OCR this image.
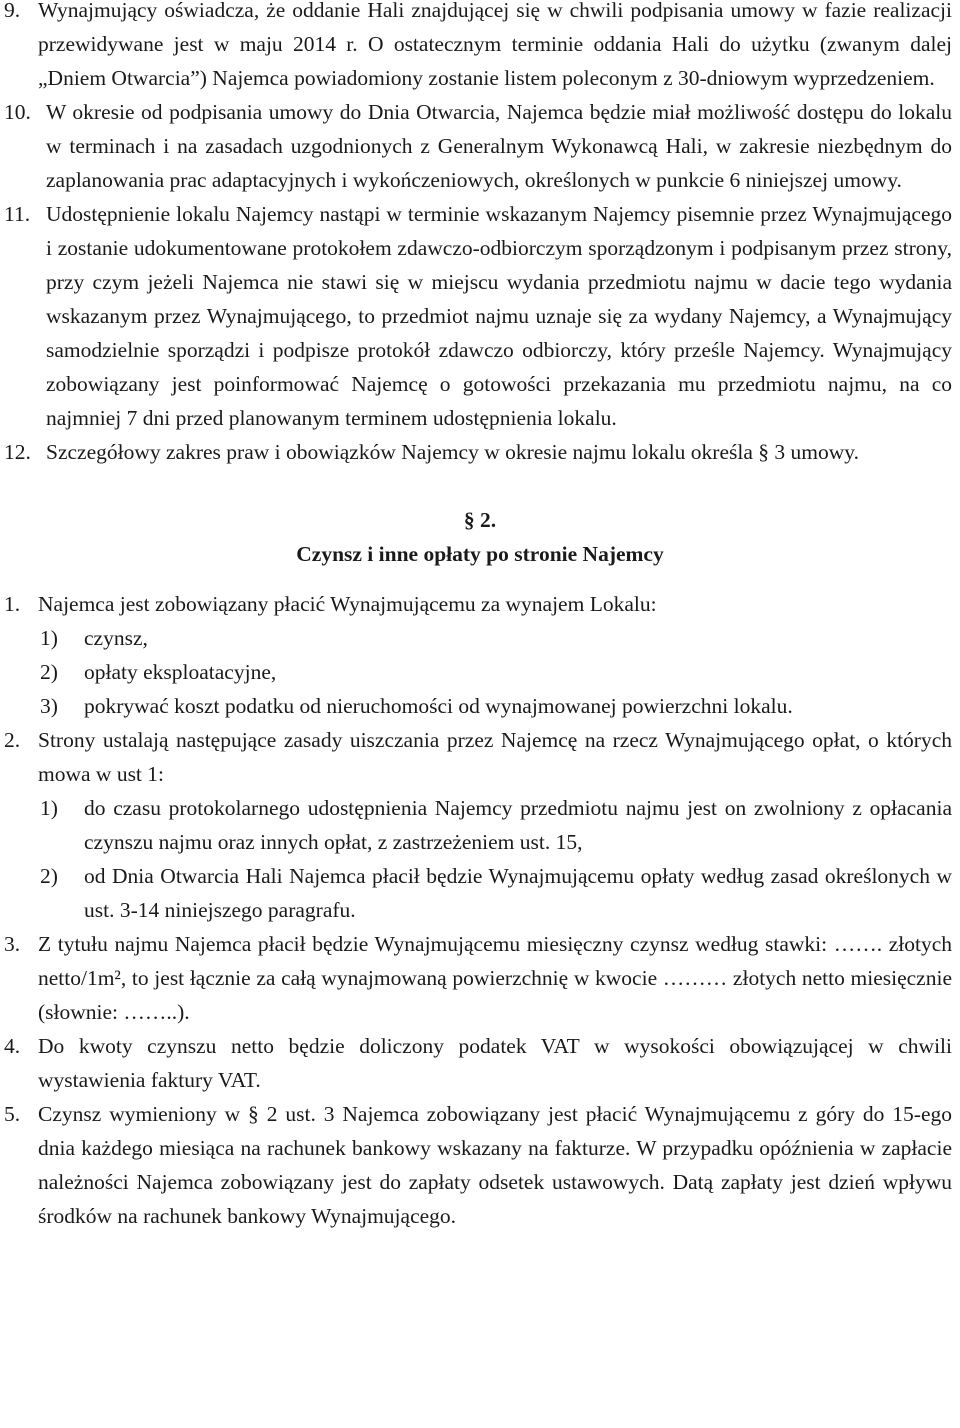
9. Wynajmujący oświadcza, że oddanie Hali znajdującej się w chwili podpisania umowy w fazie realizacji przewidywane jest w maju 2014 r. O ostatecznym terminie oddania Hali do użytku (zwanym dalej „Dniem Otwarcia”) Najemca powiadomiony zostanie listem poleconym z 30-dniowym wyprzedzeniem.
10. W okresie od podpisania umowy do Dnia Otwarcia, Najemca będzie miał możliwość dostępu do lokalu w terminach i na zasadach uzgodnionych z Generalnym Wykonawcą Hali, w zakresie niezbędnym do zaplanowania prac adaptacyjnych i wykończeniowych, określonych w punkcie 6 niniejszej umowy.
11. Udostępnienie lokalu Najemcy nastąpi w terminie wskazanym Najemcy pisemnie przez Wynajmującego i zostanie udokumentowane protokołem zdawczo-odbiorczym sporządzonym i podpisanym przez strony, przy czym jeżeli Najemca nie stawi się w miejscu wydania przedmiotu najmu w dacie tego wydania wskazanym przez Wynajmującego, to przedmiot najmu uznaje się za wydany Najemcy, a Wynajmujący samodzielnie sporządzi i podpisze protokół zdawczo odbiorczy, który prześle Najemcy. Wynajmujący zobowiązany jest poinformować Najemcę o gotowości przekazania mu przedmiotu najmu, na co najmniej 7 dni przed planowanym terminem udostępnienia lokalu.
12. Szczegółowy zakres praw i obowiązków Najemcy w okresie najmu lokalu określa § 3 umowy.
§ 2.
Czynsz i inne opłaty po stronie Najemcy
1. Najemca jest zobowiązany płacić Wynajmującemu za wynajem Lokalu:
1) czynsz,
2) opłaty eksploatacyjne,
3) pokrywać koszt podatku od nieruchomości od wynajmowanej powierzchni lokalu.
2. Strony ustalają następujące zasady uiszczania przez Najemcę na rzecz Wynajmującego opłat, o których mowa w ust 1:
1) do czasu protokolarnego udostępnienia Najemcy przedmiotu najmu jest on zwolniony z opłacania czynszu najmu oraz innych opłat, z zastrzeżeniem ust. 15,
2) od Dnia Otwarcia Hali Najemca płacił będzie Wynajmującemu opłaty według zasad określonych w ust. 3-14 niniejszego paragrafu.
3. Z tytułu najmu Najemca płacił będzie Wynajmującemu miesięczny czynsz według stawki: ……. złotych netto/1m², to jest łącznie za całą wynajmowaną powierzchnię w kwocie ……… złotych netto miesięcznie (słownie: ……..).
4. Do kwoty czynszu netto będzie doliczony podatek VAT w wysokości obowiązującej w chwili wystawienia faktury VAT.
5. Czynsz wymieniony w § 2 ust. 3 Najemca zobowiązany jest płacić Wynajmującemu z góry do 15-ego dnia każdego miesiąca na rachunek bankowy wskazany na fakturze. W przypadku opóźnienia w zapłacie należności Najemca zobowiązany jest do zapłaty odsetek ustawowych. Datą zapłaty jest dzień wpływu środków na rachunek bankowy Wynajmującego.
